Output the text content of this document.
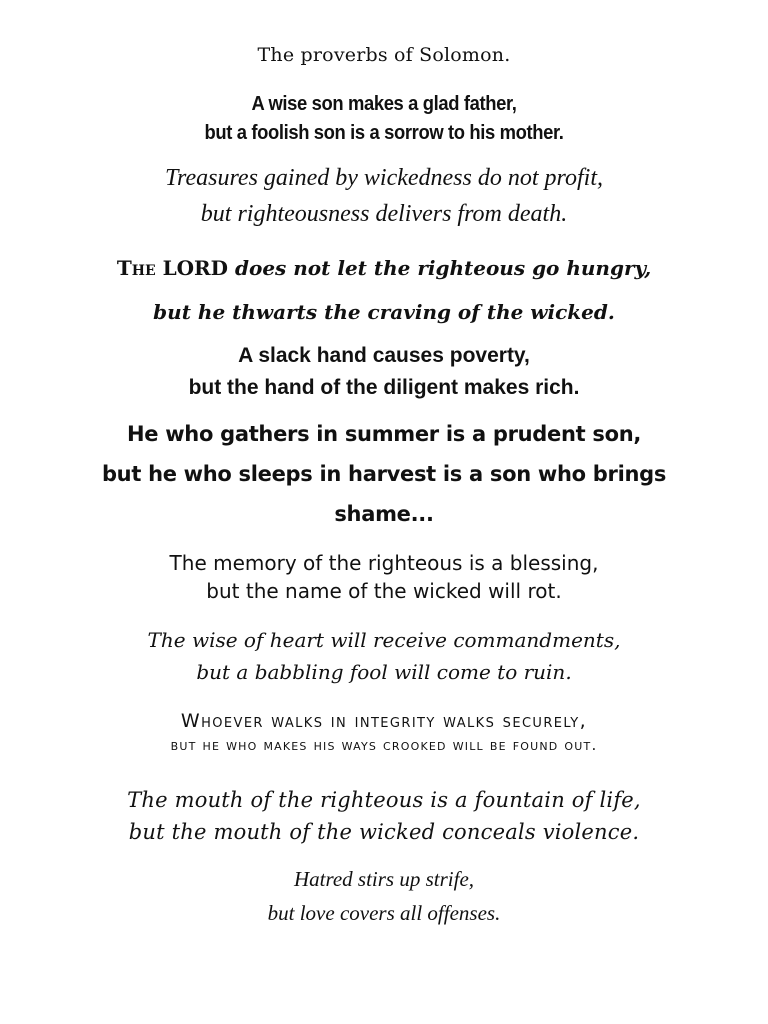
The proverbs of Solomon.
A wise son makes a glad father,
but a foolish son is a sorrow to his mother.
Treasures gained by wickedness do not profit,
but righteousness delivers from death.
The LORD does not let the righteous go hungry,
but he thwarts the craving of the wicked.
A slack hand causes poverty,
but the hand of the diligent makes rich.
He who gathers in summer is a prudent son,
but he who sleeps in harvest is a son who brings
shame...
The memory of the righteous is a blessing,
but the name of the wicked will rot.
The wise of heart will receive commandments,
but a babbling fool will come to ruin.
Whoever walks in integrity walks securely,
but he who makes his ways crooked will be found out.
The mouth of the righteous is a fountain of life,
but the mouth of the wicked conceals violence.
Hatred stirs up strife,
but love covers all offenses.
